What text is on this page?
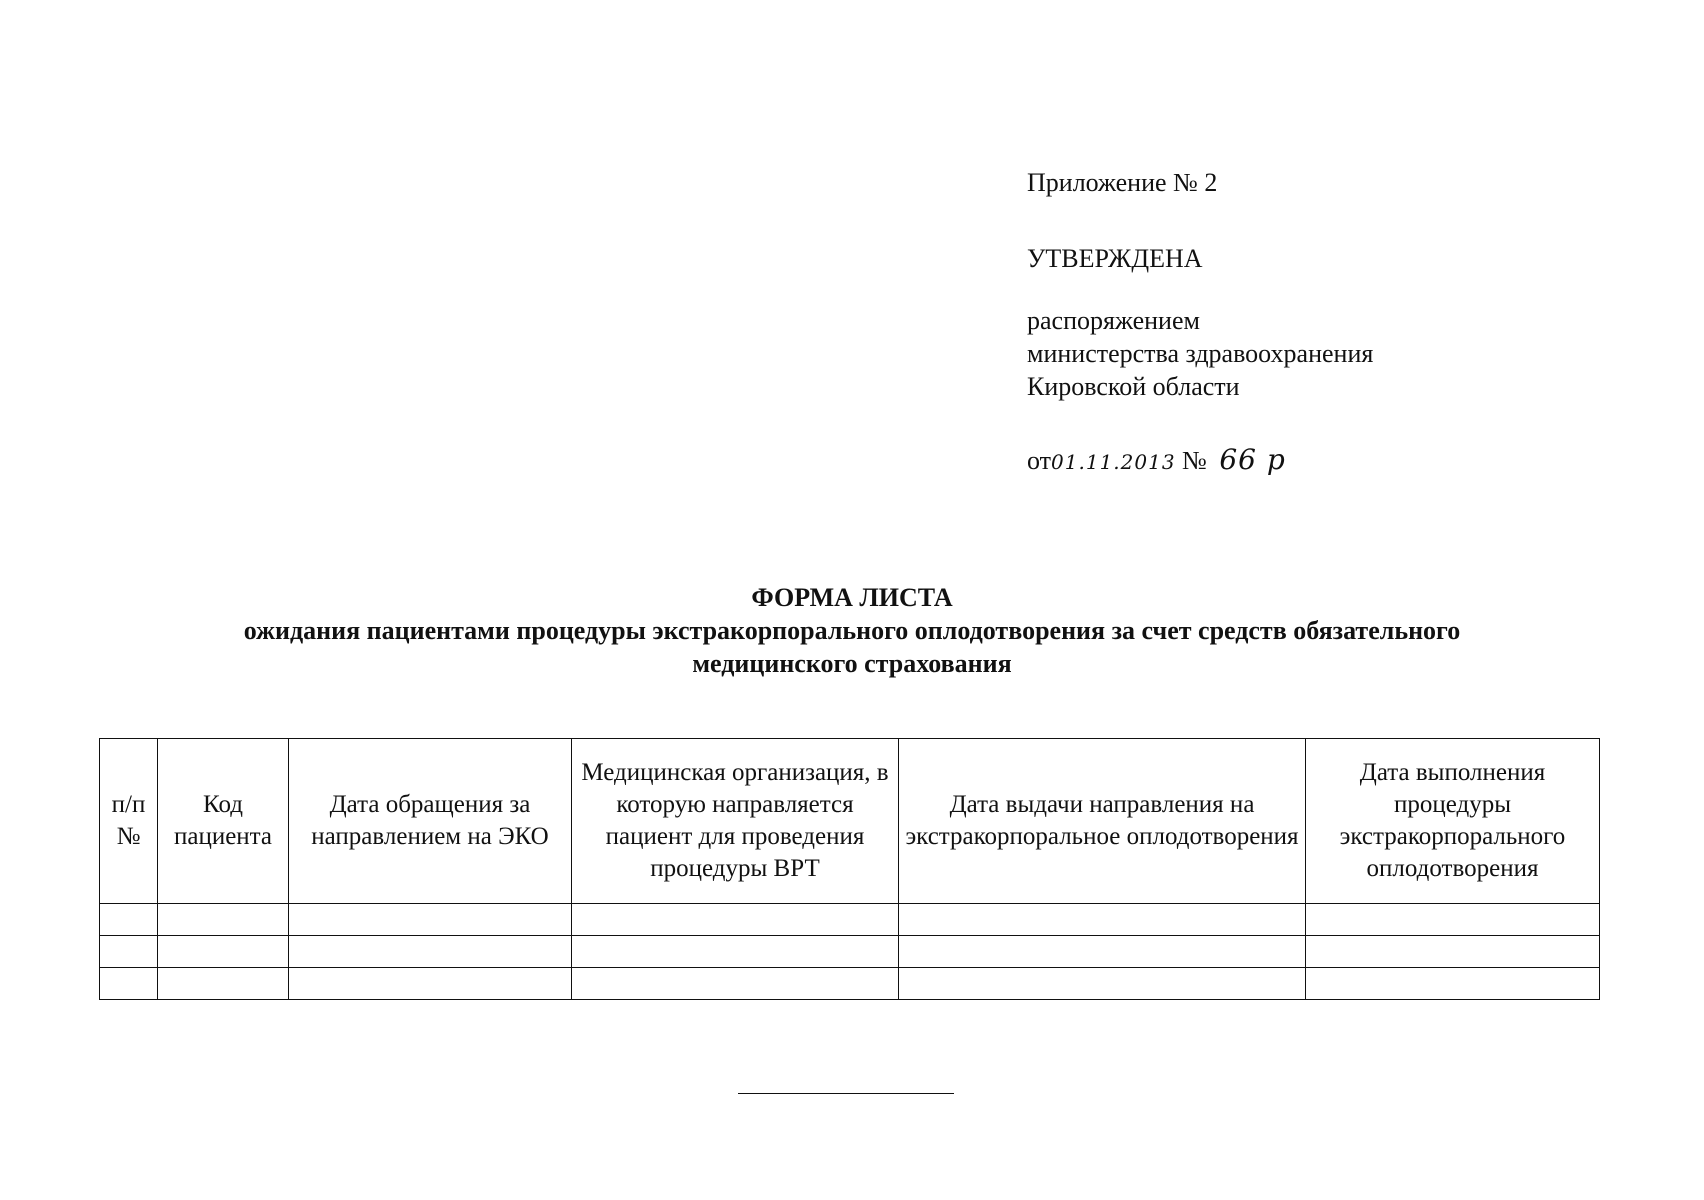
Приложение № 2
УТВЕРЖДЕНА
распоряжением
министерства здравоохранения
Кировской области
от 01.11.2013 № 66 р
ФОРМА ЛИСТА
ожидания пациентами процедуры экстракорпорального оплодотворения за счет средств обязательного медицинского страхования
п/п №	Код пациента	Дата обращения за направлением на ЭКО	Медицинская организация, в которую направляется пациент для проведения процедуры ВРТ	Дата выдачи направления на экстракорпоральное оплодотворения	Дата выполнения процедуры экстракорпорального оплодотворения
